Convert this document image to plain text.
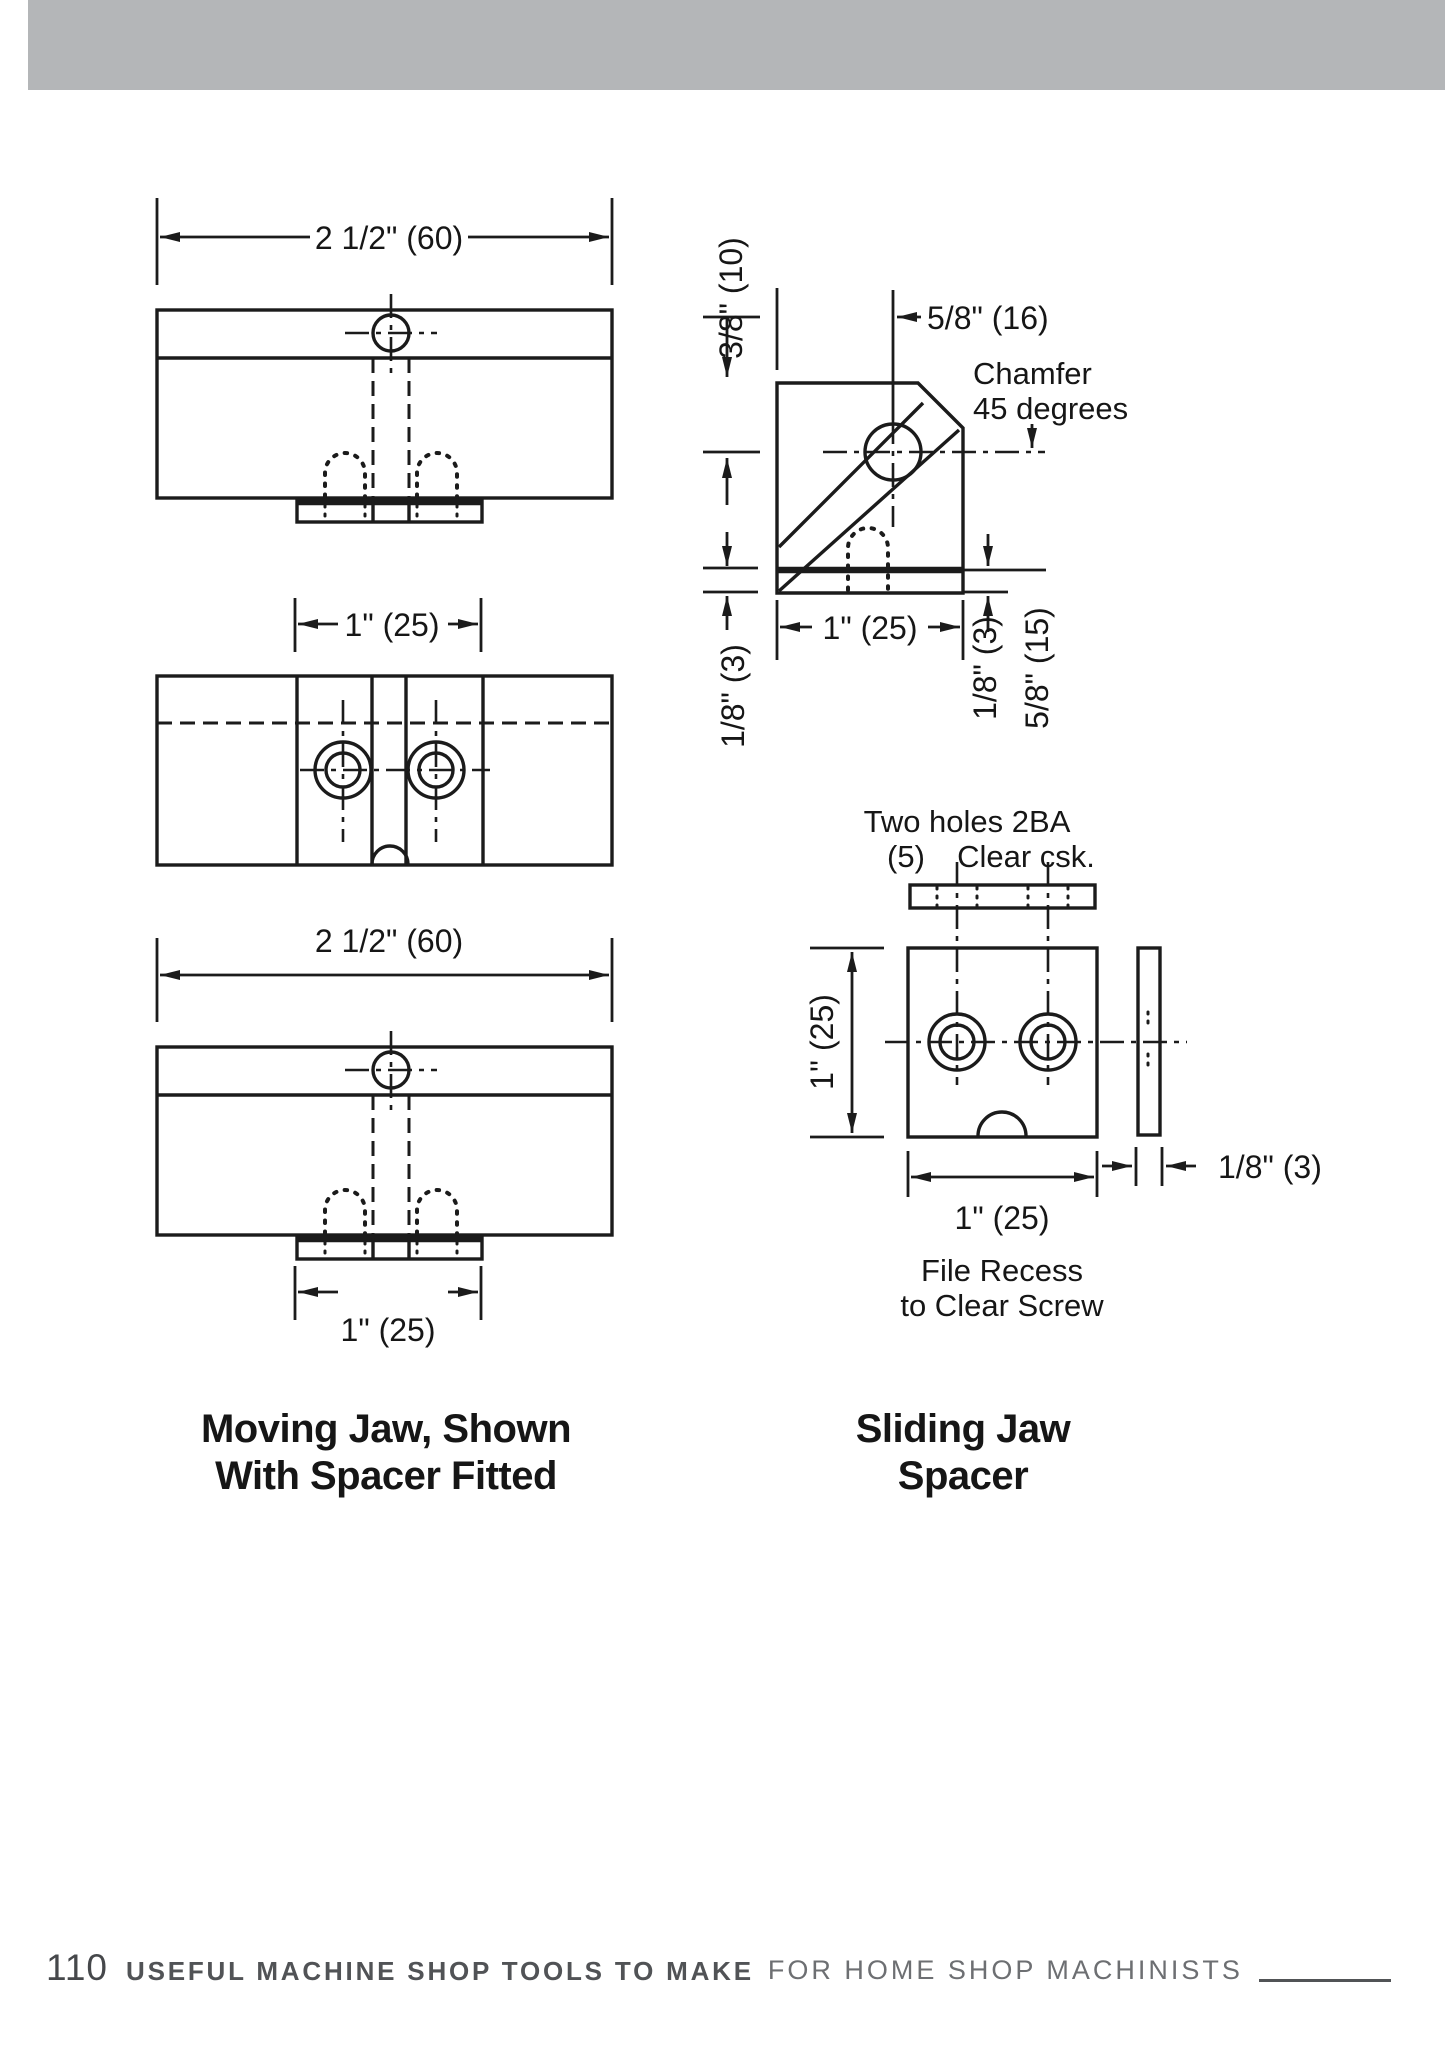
2 1/2" (60)
1" (25)
2 1/2" (60)
1" (25)
3/8" (10)	5/8" (16)
Chamfer
45 degrees
1/8" (3)	1/8" (3) 5/8" (15)
1" (25)
Two holes 2BA
(5) Clear csk.
1'' (25)
1" (25)
1/8" (3)
File Recess
to Clear Screw
Moving Jaw, Shown
With Spacer Fitted
Sliding Jaw
Spacer
110 USEFUL MACHINE SHOP TOOLS TO MAKE FOR HOME SHOP MACHINISTS
